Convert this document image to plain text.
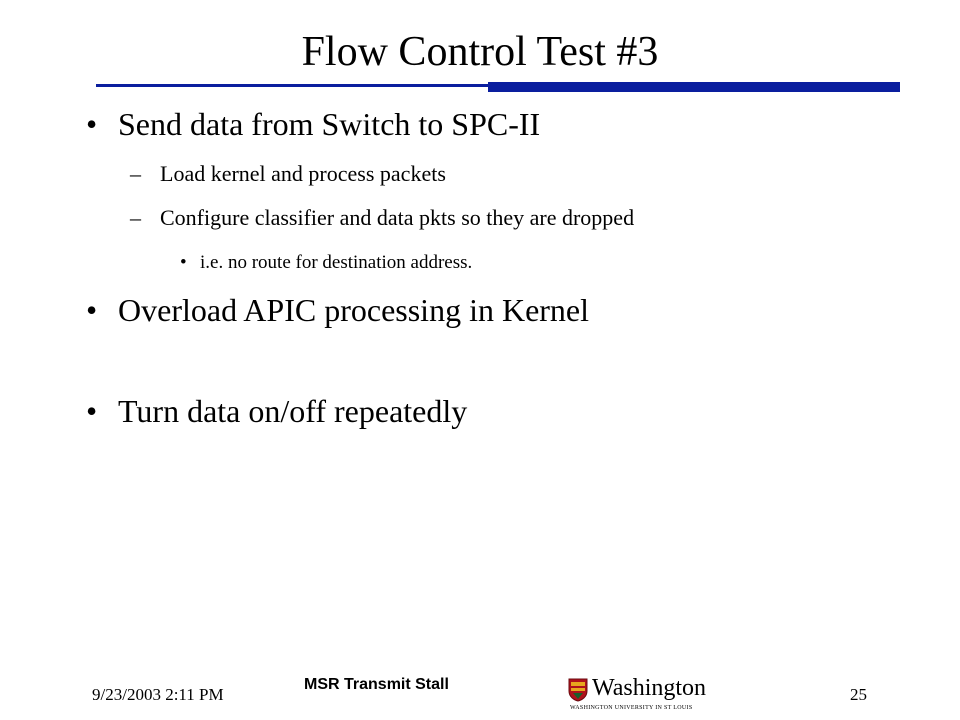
Flow Control Test #3
• Send data from Switch to SPC-II
– Load kernel and process packets
– Configure classifier and data pkts so they are dropped
• i.e. no route for destination address.
• Overload APIC processing in Kernel
• Turn data on/off repeatedly
9/23/2003 2:11 PM
MSR Transmit Stall	Washington
WASHINGTON UNIVERSITY IN ST LOUIS
25
